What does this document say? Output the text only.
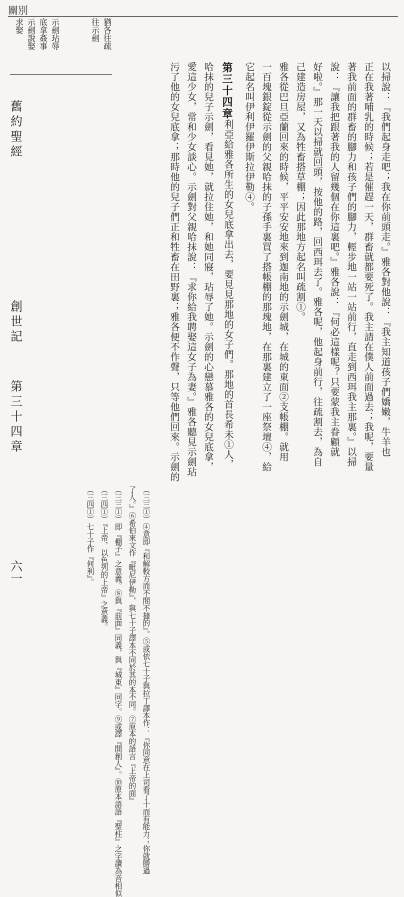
關別
猶各往疏
往示劍
示劍玷辱
底拿姦事
示劍說娶
求娶
以掃說：『我們起身走吧；我在你前頭走。』雅各對他說：『我主知道孩子們嬌嫩，牛羊也
正在我著哺乳的時候；若是催趕一天，群畜就都要死了。我主請在僕人前面過去；我呢，要量
著我前面的群畜的腳力和孩子們的腳力，輕步地一站一站前行，直走到西珥我主那裏。』以掃
說：『讓我把跟著我的人留幾個在你這裏吧。』雅各說：『何必這樣呢？只要蒙我主眷顧就
好啦。』那一天以掃就回頭，按他的路，回西珥去了。雅各呢，他起身前行，往疏割去，為自
己建造房屋，又為牲畜搭草棚；因此那地方起名叫疏割①。
雅各從巴旦亞蘭回來的時候，平平安安地來到迦南地的示劍城，在城的東面②支帳棚。就用
一百塊銀錠從示劍的父親哈抹的子孫手裏買了搭帳棚的那塊地，在那裏建立了一座祭壇④，給
它起名叫伊利伊羅伊斯拉伊勒④。
第三十四章利亞給雅各所生的女兒底拿出去，要見見那地的女子們。那地的首長希未①人，
哈抹的兒子示劍，看見她，就拉住她，和她同寢，玷辱了她。示劍的心戀慕雅各的女兒底拿，
愛這少女，常和少女談心。示劍對父親哈抹說：『求你給我聘娶這女子為妻。』雅各聽見示劍玷
污了他的女兒底拿；那時他的兒子們正和牲畜在田野裏；雅各便不作聲，只等他們回來。示劍的
（三三①）④意即『和解較方而不間不撻的』。⑤或依七十子與拉丁譯本作：『你同意在上司看了十而有能力；你就勝過
了人。』⑥希伯來文作『毗尼伊勒』，與七十子譯本不同於其的本不同。⑦原本的語言『上帝的面』
（三三①）即『棚子』之意義。⑧與『前面』同義，與『城東』同字。⑨或譯『開創人』。⑩原本語語『聖柱』之字讀為音相似
（三四①）『上帝，以色列的上帝』之意義。
（三四①）七十子作『何利』。
舊約聖經
創世記
第三十四章
六一
